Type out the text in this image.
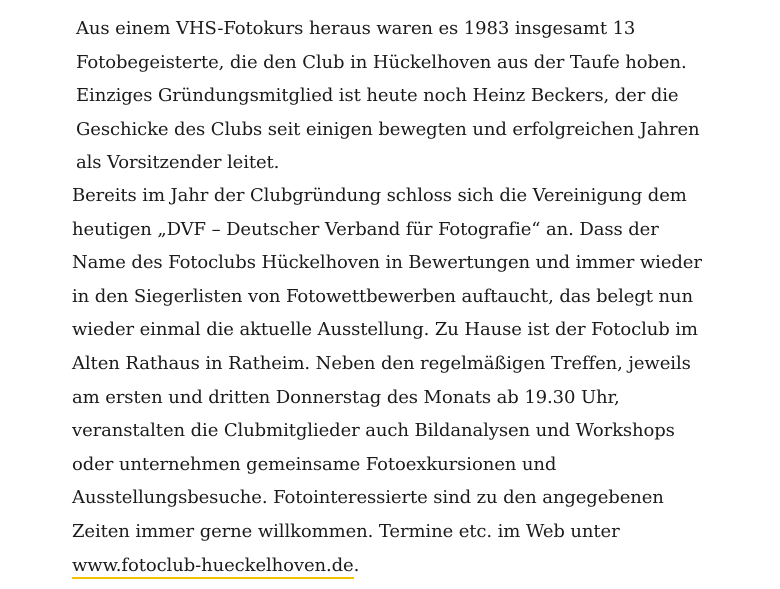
Aus einem VHS-Fotokurs heraus waren es 1983 insgesamt 13
Fotobegeisterte, die den Club in Hückelhoven aus der Taufe hoben.
Einziges Gründungsmitglied ist heute noch Heinz Beckers, der die
Geschicke des Clubs seit einigen bewegten und erfolgreichen Jahren
als Vorsitzender leitet.

Bereits im Jahr der Clubgründung schloss sich die Vereinigung dem
heutigen „DVF – Deutscher Verband für Fotografie“ an. Dass der
Name des Fotoclubs Hückelhoven in Bewertungen und immer wieder
in den Siegerlisten von Fotowettbewerben auftaucht, das belegt nun
wieder einmal die aktuelle Ausstellung. Zu Hause ist der Fotoclub im
Alten Rathaus in Ratheim. Neben den regelmäßigen Treffen, jeweils
am ersten und dritten Donnerstag des Monats ab 19.30 Uhr,
veranstalten die Clubmitglieder auch Bildanalysen und Workshops
oder unternehmen gemeinsame Fotoexkursionen und
Ausstellungsbesuche. Fotointeressierte sind zu den angegebenen
Zeiten immer gerne willkommen. Termine etc. im Web unter
www.fotoclub-hueckelhoven.de.
